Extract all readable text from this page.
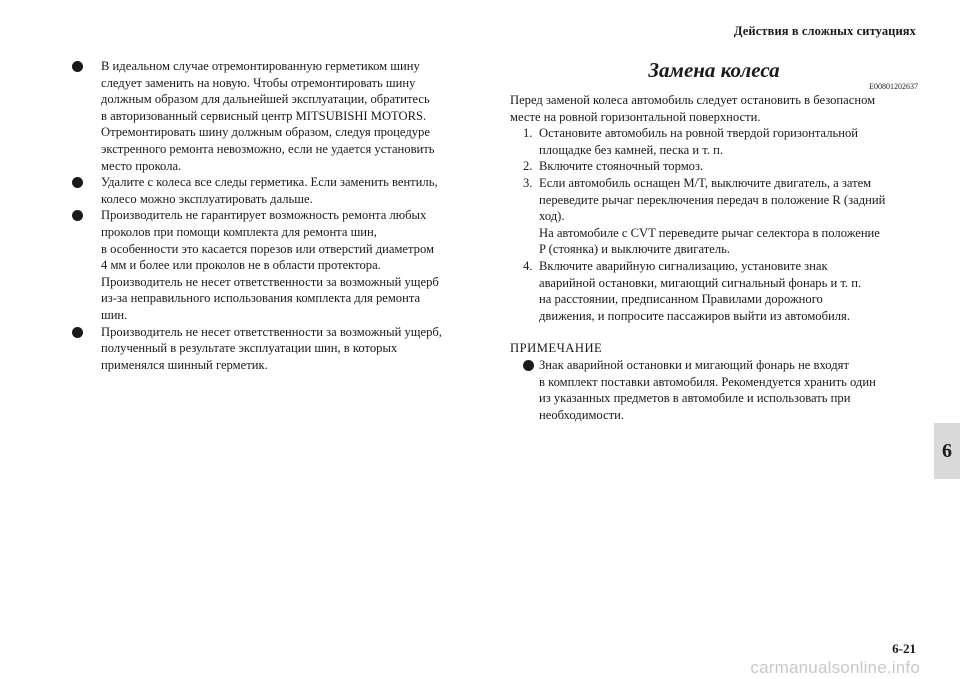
Действия в сложных ситуациях
В идеальном случае отремонтированную герметиком шину
следует заменить на новую. Чтобы отремонтировать шину
должным образом для дальнейшей эксплуатации, обратитесь
в авторизованный сервисный центр MITSUBISHI MOTORS.
Отремонтировать шину должным образом, следуя процедуре
экстренного ремонта невозможно, если не удается установить
место прокола.
Удалите с колеса все следы герметика. Если заменить вентиль,
колесо можно эксплуатировать дальше.
Производитель не гарантирует возможность ремонта любых
проколов при помощи комплекта для ремонта шин,
в особенности это касается порезов или отверстий диаметром
4 мм и более или проколов не в области протектора.
Производитель не несет ответственности за возможный ущерб
из-за неправильного использования комплекта для ремонта
шин.
Производитель не несет ответственности за возможный ущерб,
полученный в результате эксплуатации шин, в которых
применялся шинный герметик.
Замена колеса
E00801202637
Перед заменой колеса автомобиль следует остановить в безопасном
месте на ровной горизонтальной поверхности.
1. Остановите автомобиль на ровной твердой горизонтальной
площадке без камней, песка и т. п.
2. Включите стояночный тормоз.
3. Если автомобиль оснащен M/T, выключите двигатель, а затем
переведите рычаг переключения передач в положение R (задний
ход).
На автомобиле с CVT переведите рычаг селектора в положение
P (стоянка) и выключите двигатель.
4. Включите аварийную сигнализацию, установите знак
аварийной остановки, мигающий сигнальный фонарь и т. п.
на расстоянии, предписанном Правилами дорожного
движения, и попросите пассажиров выйти из автомобиля.
ПРИМЕЧАНИЕ
Знак аварийной остановки и мигающий фонарь не входят
в комплект поставки автомобиля. Рекомендуется хранить один
из указанных предметов в автомобиле и использовать при
необходимости.
6
6-21
carmanualsonline.info
